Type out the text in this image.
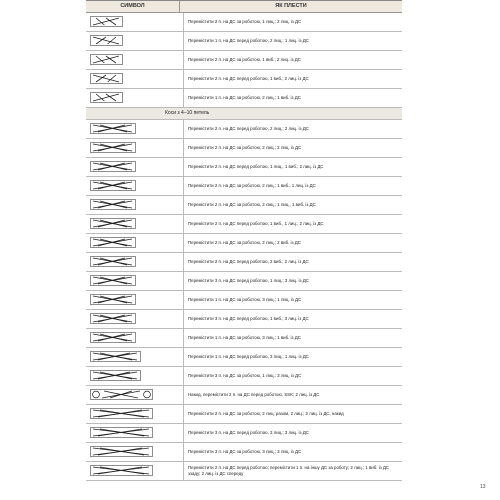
СИМВОЛ	ЯК ПЛЕСТИ
Перемістити 2 п. на ДС за роботою, 1 лиц.; 2 лиц. із ДС
Перемістити 1 п. на ДС перед роботою, 2 лиц.; 1 лиц. із ДС
Перемістити 2 п. на ДС за роботою, 1 виб.; 2 лиц. із ДС
Перемістити 2 п. на ДС перед роботою, 1 виб.; 2 лиц. із ДС
Перемістити 1 п. на ДС за роботою, 2 лиц.; 1 виб. із ДС
Коси з 4–10 петель
Перемістити 2 п. на ДС перед роботою, 2 лиц.; 2 лиц. із ДС
Перемістити 2 п. на ДС за роботою, 2 лиц.; 2 лиц. із ДС
Перемістити 2 п. на ДС перед роботою, 1 лиц., 1 виб.; 2 лиц. із ДС
Перемістити 2 п. на ДС за роботою, 2 лиц.; 1 виб., 1 лиц. із ДС
Перемістити 2 п. на ДС за роботою, 2 лиц.; 1 лиц., 1 виб. із ДС
Перемістити 2 п. на ДС перед роботою, 1 виб., 1 лиц.; 2 лиц. із ДС
Перемістити 2 п. на ДС за роботою, 2 лиц.; 2 виб. із ДС
Перемістити 2 п. на ДС перед роботою, 2 виб.; 2 лиц. із ДС
Перемістити 3 п. на ДС перед роботою, 1 лиц.; 3 лиц. із ДС
Перемістити 1 п. на ДС за роботою, 3 лиц.; 1 лиц. із ДС
Перемістити 3 п. на ДС перед роботою, 1 виб.; 3 лиц. із ДС
Перемістити 1 п. на ДС за роботою, 3 лиц.; 1 виб. із ДС
Перемістити 1 п. на ДС перед роботою, 3 лиц.; 1 лиц. із ДС
Перемістити 3 п. на ДС за роботою, 1 лиц.; 3 лиц. із ДС
Накид, перемістити 2 п. на ДС перед роботою, SSK; 2 лиц. із ДС
Перемістити 2 п. на ДС за роботою, 2 лиц. разом, 2 лиц.; 2 лиц. із ДС, накид
Перемістити 3 п. на ДС перед роботою, 3 лиц.; 3 лиц. із ДС
Перемістити 3 п. на ДС за роботою, 3 лиц.; 3 лиц. із ДС
Перемістити 2 п. на ДС перед роботою; перемістити 1 п. на іншу ДС за роботу; 2 лиц.; 1 виб. із ДС ззаду; 2 лиц. із ДС спереду
13
